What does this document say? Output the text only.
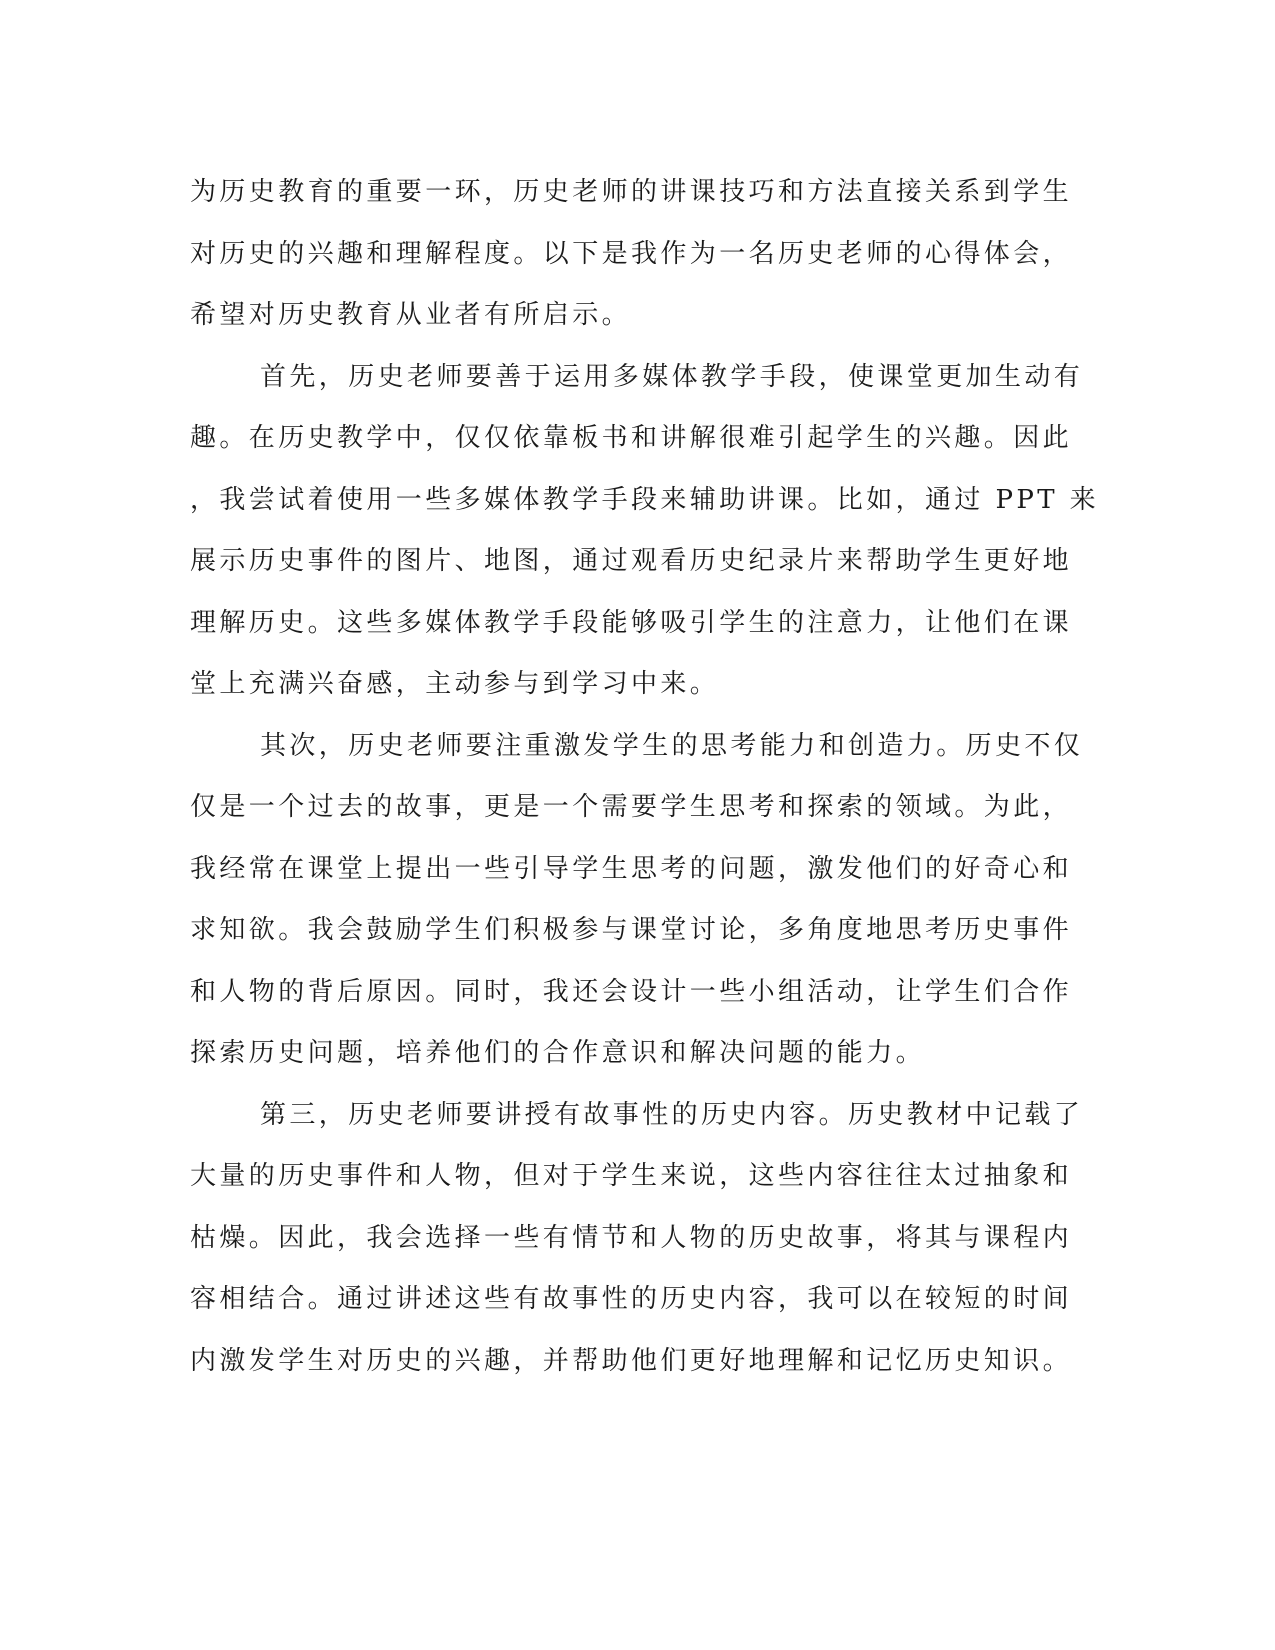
为历史教育的重要一环，历史老师的讲课技巧和方法直接关系到学生
对历史的兴趣和理解程度。以下是我作为一名历史老师的心得体会，
希望对历史教育从业者有所启示。
首先，历史老师要善于运用多媒体教学手段，使课堂更加生动有
趣。在历史教学中，仅仅依靠板书和讲解很难引起学生的兴趣。因此
，我尝试着使用一些多媒体教学手段来辅助讲课。比如，通过 PPT 来
展示历史事件的图片、地图，通过观看历史纪录片来帮助学生更好地
理解历史。这些多媒体教学手段能够吸引学生的注意力，让他们在课
堂上充满兴奋感，主动参与到学习中来。
其次，历史老师要注重激发学生的思考能力和创造力。历史不仅
仅是一个过去的故事，更是一个需要学生思考和探索的领域。为此，
我经常在课堂上提出一些引导学生思考的问题，激发他们的好奇心和
求知欲。我会鼓励学生们积极参与课堂讨论，多角度地思考历史事件
和人物的背后原因。同时，我还会设计一些小组活动，让学生们合作
探索历史问题，培养他们的合作意识和解决问题的能力。
第三，历史老师要讲授有故事性的历史内容。历史教材中记载了
大量的历史事件和人物，但对于学生来说，这些内容往往太过抽象和
枯燥。因此，我会选择一些有情节和人物的历史故事，将其与课程内
容相结合。通过讲述这些有故事性的历史内容，我可以在较短的时间
内激发学生对历史的兴趣，并帮助他们更好地理解和记忆历史知识。
